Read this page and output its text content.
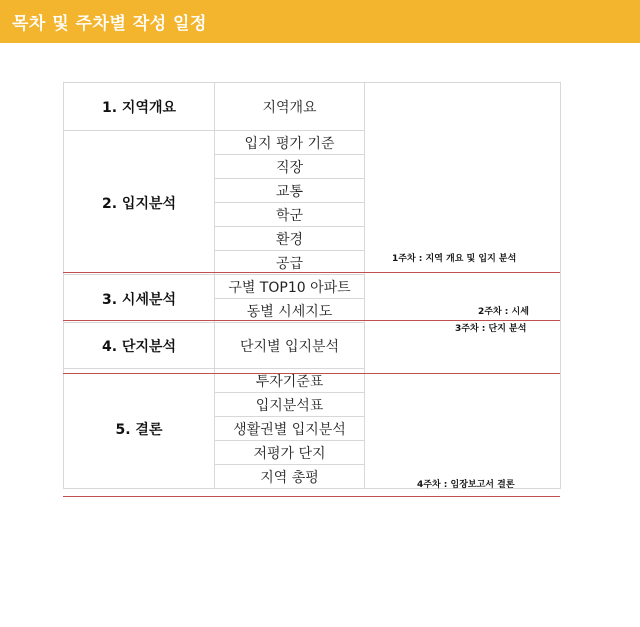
목차 및 주차별 작성 일정
1. 지역개요	지역개요	
2. 입지분석	입지 평가 기준	
	직장	
	교통	
	학군	
	환경	
	공급	
3. 시세분석	구별 TOP10 아파트	
	동별 시세지도	
4. 단지분석	단지별 입지분석	
5. 결론	투자기준표	
	입지분석표	
	생활권별 입지분석	
	저평가 단지	
	지역 총평	
1주차 : 지역 개요 및 입지 분석
2주차 : 시세
3주차 : 단지 분석
4주차 : 임장보고서 결론
